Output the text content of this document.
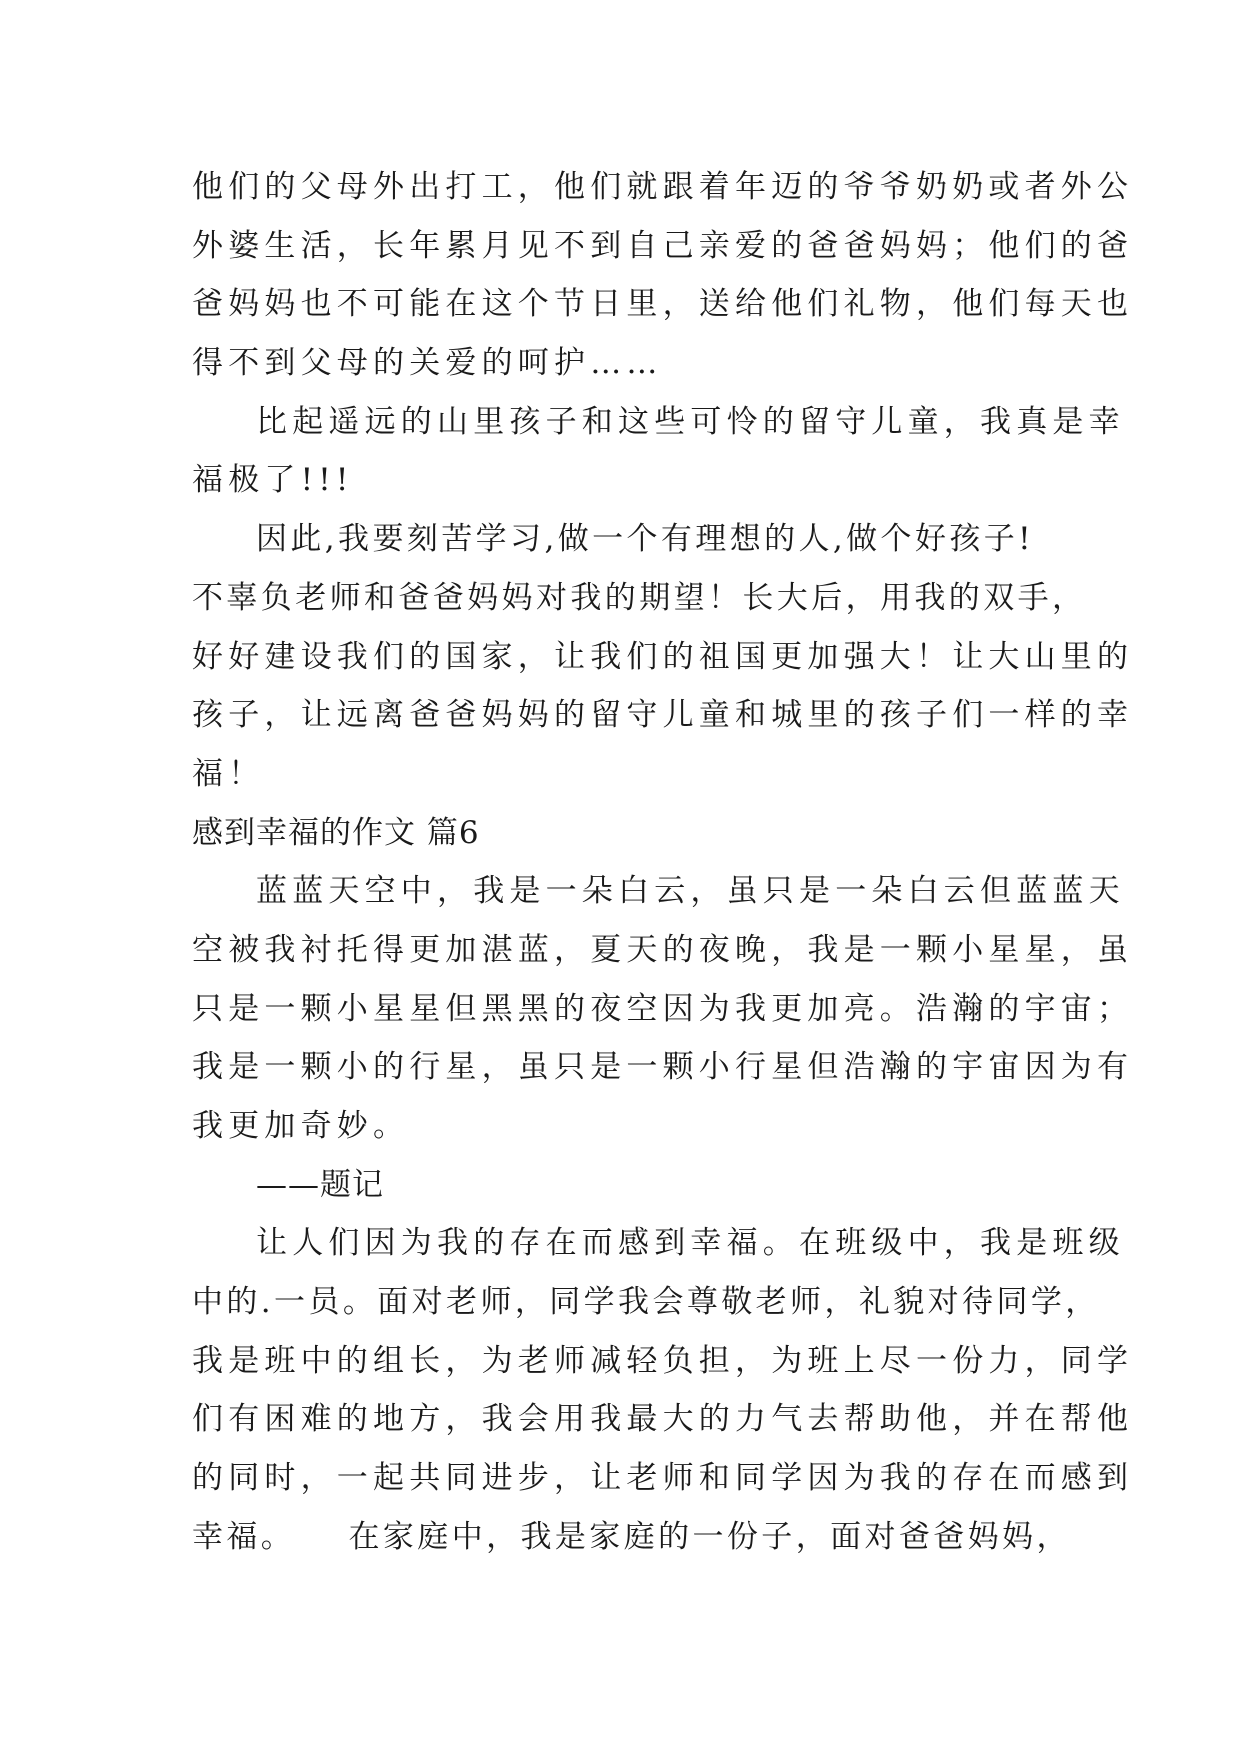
他们的父母外出打工，他们就跟着年迈的爷爷奶奶或者外公
外婆生活，长年累月见不到自己亲爱的爸爸妈妈；他们的爸
爸妈妈也不可能在这个节日里，送给他们礼物，他们每天也
得不到父母的关爱的呵护……
比起遥远的山里孩子和这些可怜的留守儿童，我真是幸
福极了!!!
因此,我要刻苦学习,做一个有理想的人,做个好孩子!
不辜负老师和爸爸妈妈对我的期望！长大后，用我的双手，
好好建设我们的国家，让我们的祖国更加强大！让大山里的
孩子，让远离爸爸妈妈的留守儿童和城里的孩子们一样的幸
福！
感到幸福的作文 篇6
蓝蓝天空中，我是一朵白云，虽只是一朵白云但蓝蓝天
空被我衬托得更加湛蓝，夏天的夜晚，我是一颗小星星，虽
只是一颗小星星但黑黑的夜空因为我更加亮。浩瀚的宇宙；
我是一颗小的行星，虽只是一颗小行星但浩瀚的宇宙因为有
我更加奇妙。
——题记
让人们因为我的存在而感到幸福。在班级中，我是班级
中的.一员。面对老师，同学我会尊敬老师，礼貌对待同学，
我是班中的组长，为老师减轻负担，为班上尽一份力，同学
们有困难的地方，我会用我最大的力气去帮助他，并在帮他
的同时，一起共同进步，让老师和同学因为我的存在而感到
幸福。　　在家庭中，我是家庭的一份子，面对爸爸妈妈，
